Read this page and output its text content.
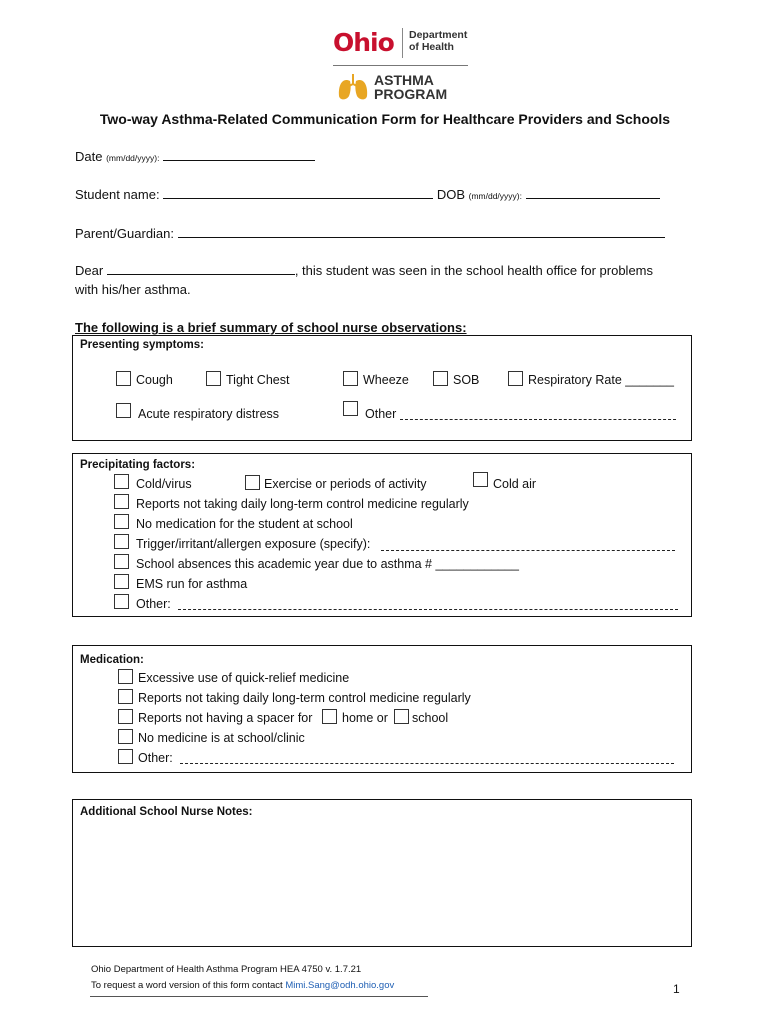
Ohio Department of Health
ASTHMA PROGRAM
Two-way Asthma-Related Communication Form for Healthcare Providers and Schools
Date (mm/dd/yyyy):
Student name:	DOB (mm/dd/yyyy):
Parent/Guardian:
Dear	, this student was seen in the school health office for problems
with his/her asthma.
The following is a brief summary of school nurse observations:
Presenting symptoms:
Cough	Tight Chest	Wheeze	SOB	Respiratory Rate _______
Acute respiratory distress	Other
Precipitating factors:
Cold/virus	Exercise or periods of activity	Cold air
Reports not taking daily long-term control medicine regularly
No medication for the student at school
Trigger/irritant/allergen exposure (specify):
School absences this academic year due to asthma # ____________
EMS run for asthma
Other:
Medication:
Excessive use of quick-relief medicine
Reports not taking daily long-term control medicine regularly
Reports not having a spacer for home or school
No medicine is at school/clinic
Other:
Additional School Nurse Notes:
Ohio Department of Health Asthma Program HEA 4750 v. 1.7.21
To request a word version of this form contact Mimi.Sang@odh.ohio.gov	1
